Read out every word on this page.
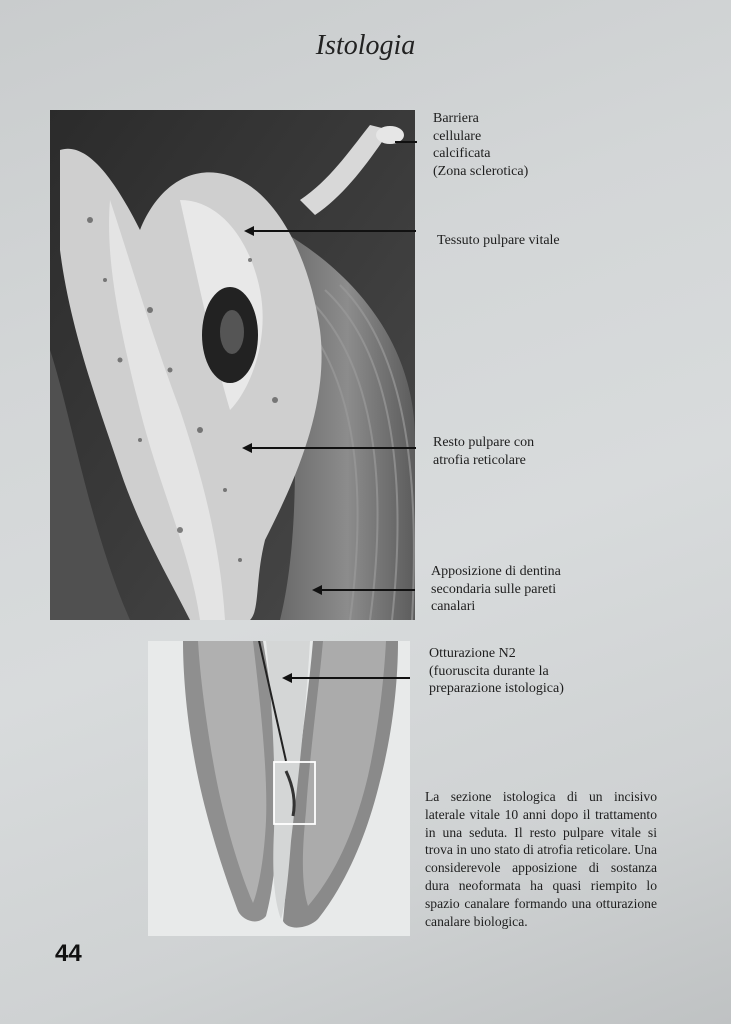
Istologia
Barriera
cellulare
calcificata
(Zona sclerotica)
Tessuto pulpare vitale
Resto pulpare con
atrofia reticolare
Apposizione di dentina
secondaria sulle pareti
canalari
Otturazione N2
(fuoruscita durante la
preparazione istologica)
La sezione istologica di un incisivo laterale vitale 10 anni dopo il trattamento in una seduta. Il resto pulpare vitale si trova in uno stato di atrofia reticolare. Una considerevole apposizione di sostanza dura neoformata ha quasi riempito lo spazio canalare formando una otturazione canalare biologica.
44
